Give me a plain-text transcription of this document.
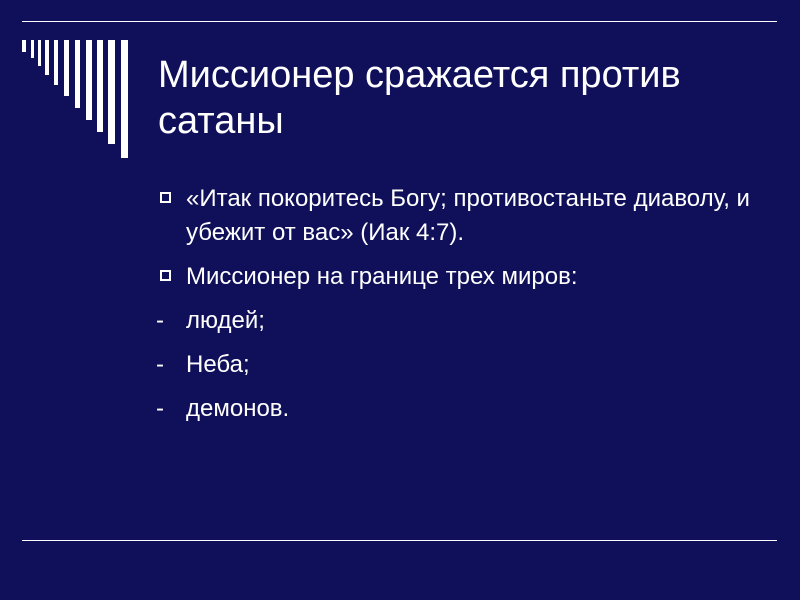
Миссионер сражается против сатаны
«Итак покоритесь Богу; противостаньте диаволу, и убежит от вас» (Иак 4:7).
Миссионер на границе трех миров:
- людей;
- Неба;
- демонов.
